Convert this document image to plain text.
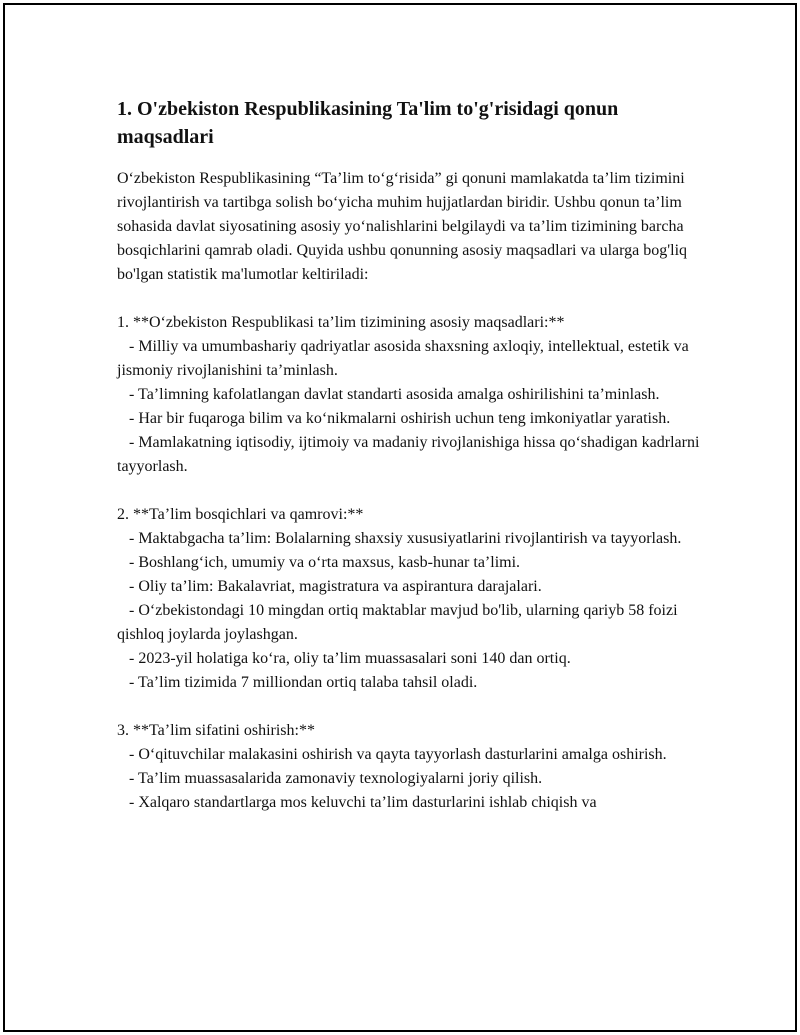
1. O'zbekiston Respublikasining Ta'lim to'g'risidagi qonun maqsadlari

O‘zbekiston Respublikasining “Ta’lim to‘g‘risida” gi qonuni mamlakatda ta’lim tizimini rivojlantirish va tartibga solish bo‘yicha muhim hujjatlardan biridir. Ushbu qonun ta’lim sohasida davlat siyosatining asosiy yo‘nalishlarini belgilaydi va ta’lim tizimining barcha bosqichlarini qamrab oladi. Quyida ushbu qonunning asosiy maqsadlari va ularga bog'liq bo'lgan statistik ma'lumotlar keltiriladi:

1. **O‘zbekiston Respublikasi ta’lim tizimining asosiy maqsadlari:**

- Milliy va umumbashariy qadriyatlar asosida shaxsning axloqiy, intellektual, estetik va jismoniy rivojlanishini ta’minlash.

- Ta’limning kafolatlangan davlat standarti asosida amalga oshirilishini ta’minlash.

- Har bir fuqaroga bilim va ko‘nikmalarni oshirish uchun teng imkoniyatlar yaratish.

- Mamlakatning iqtisodiy, ijtimoiy va madaniy rivojlanishiga hissa qo‘shadigan kadrlarni tayyorlash.

2. **Ta’lim bosqichlari va qamrovi:**

- Maktabgacha ta’lim: Bolalarning shaxsiy xususiyatlarini rivojlantirish va tayyorlash.

- Boshlang‘ich, umumiy va o‘rta maxsus, kasb-hunar ta’limi.

- Oliy ta’lim: Bakalavriat, magistratura va aspirantura darajalari.

- O‘zbekistondagi 10 mingdan ortiq maktablar mavjud bo'lib, ularning qariyb 58 foizi qishloq joylarda joylashgan.

- 2023-yil holatiga ko‘ra, oliy ta’lim muassasalari soni 140 dan ortiq.

- Ta’lim tizimida 7 milliondan ortiq talaba tahsil oladi.

3. **Ta’lim sifatini oshirish:**

- O‘qituvchilar malakasini oshirish va qayta tayyorlash dasturlarini amalga oshirish.

- Ta’lim muassasalarida zamonaviy texnologiyalarni joriy qilish.

- Xalqaro standartlarga mos keluvchi ta’lim dasturlarini ishlab chiqish va
